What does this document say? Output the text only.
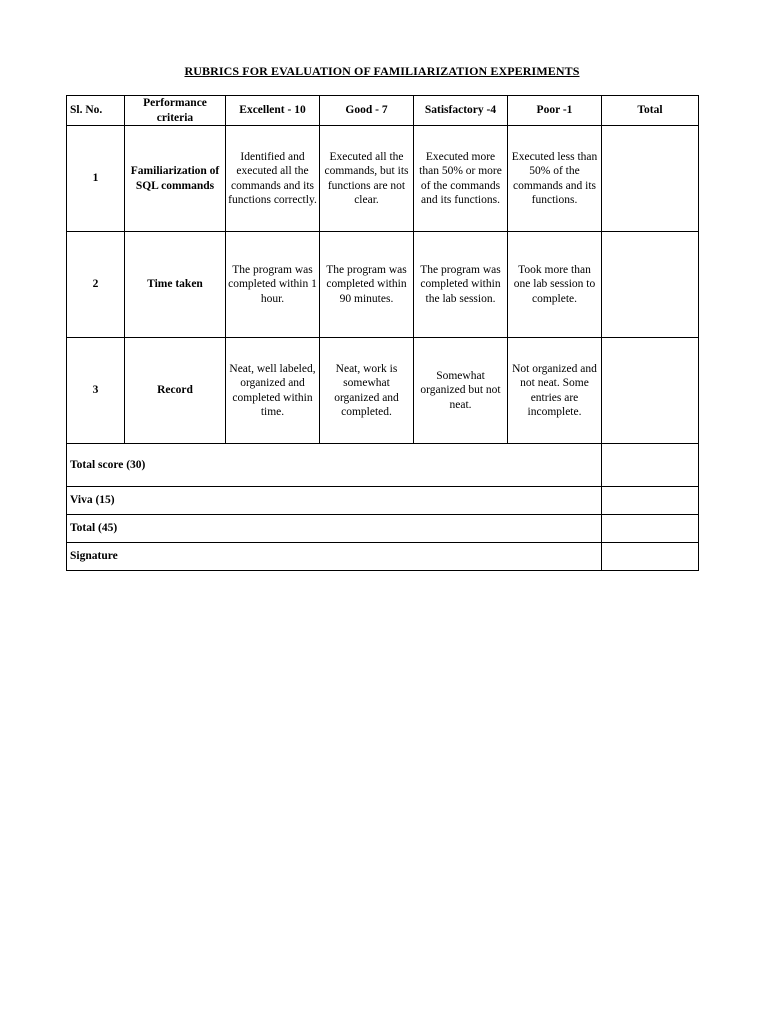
RUBRICS FOR EVALUATION OF FAMILIARIZATION EXPERIMENTS
Sl. No.	Performance criteria	Excellent - 10	Good - 7	Satisfactory -4	Poor -1	Total
1	Familiarization of SQL commands	Identified and executed all the commands and its functions correctly.	Executed all the commands, but its functions are not clear.	Executed more than 50% or more of the commands and its functions.	Executed less than 50% of the commands and its functions.	
2	Time taken	The program was completed within 1 hour.	The program was completed within 90 minutes.	The program was completed within the lab session.	Took more than one lab session to complete.	
3	Record	Neat, well labeled, organized and completed within time.	Neat, work is somewhat organized and completed.	Somewhat organized but not neat.	Not organized and not neat. Some entries are incomplete.	
Total score (30)						
Viva (15)						
Total (45)						
Signature						
